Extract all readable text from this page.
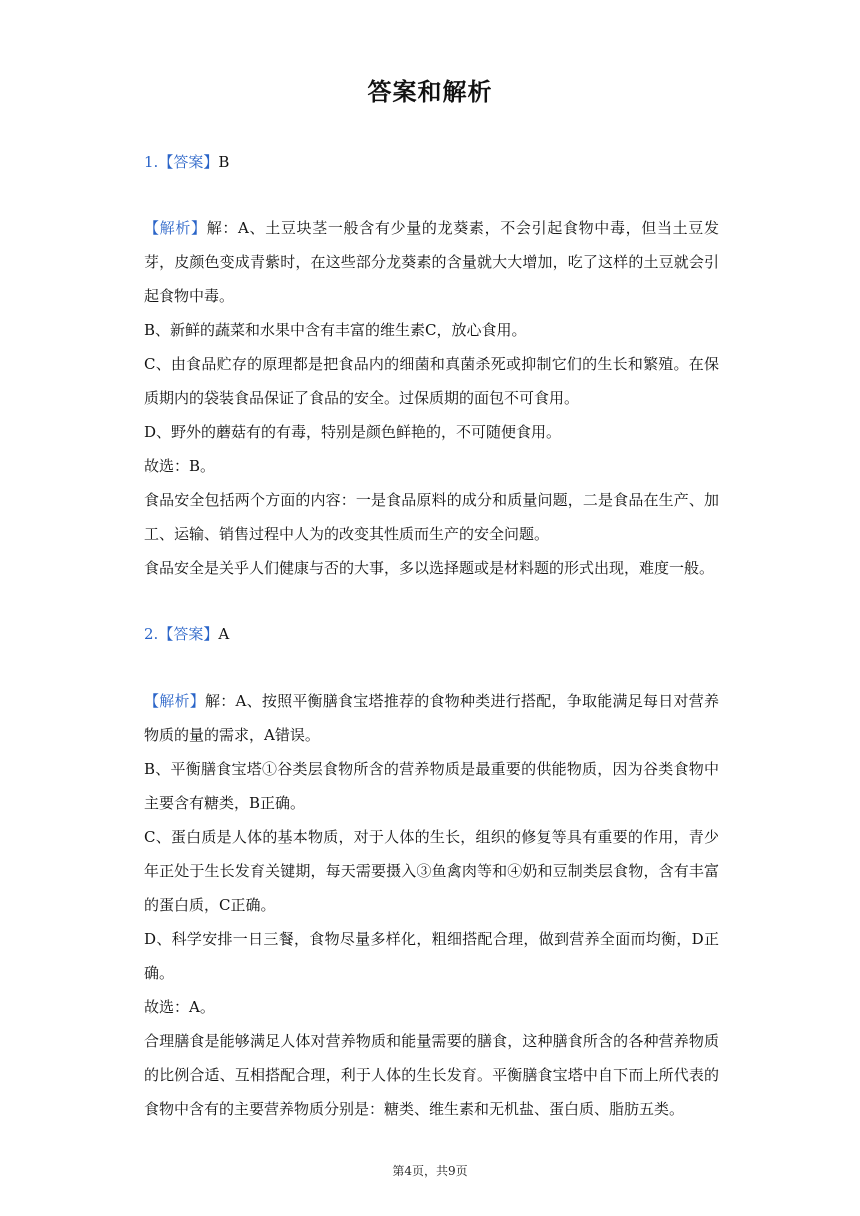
答案和解析
1.【答案】B

【解析】解：A、土豆块茎一般含有少量的龙葵素，不会引起食物中毒，但当土豆发芽，皮颜色变成青紫时，在这些部分龙葵素的含量就大大增加，吃了这样的土豆就会引起食物中毒。

B、新鲜的蔬菜和水果中含有丰富的维生素C，放心食用。

C、由食品贮存的原理都是把食品内的细菌和真菌杀死或抑制它们的生长和繁殖。在保质期内的袋装食品保证了食品的安全。过保质期的面包不可食用。

D、野外的蘑菇有的有毒，特别是颜色鲜艳的，不可随便食用。

故选：B。

食品安全包括两个方面的内容：一是食品原料的成分和质量问题，二是食品在生产、加工、运输、销售过程中人为的改变其性质而生产的安全问题。

食品安全是关乎人们健康与否的大事，多以选择题或是材料题的形式出现，难度一般。

2.【答案】A

【解析】解：A、按照平衡膳食宝塔推荐的食物种类进行搭配，争取能满足每日对营养物质的量的需求，A错误。

B、平衡膳食宝塔①谷类层食物所含的营养物质是最重要的供能物质，因为谷类食物中主要含有糖类，B正确。

C、蛋白质是人体的基本物质，对于人体的生长，组织的修复等具有重要的作用，青少年正处于生长发育关键期，每天需要摄入③鱼禽肉等和④奶和豆制类层食物，含有丰富的蛋白质，C正确。

D、科学安排一日三餐，食物尽量多样化，粗细搭配合理，做到营养全面而均衡，D正确。

故选：A。

合理膳食是能够满足人体对营养物质和能量需要的膳食，这种膳食所含的各种营养物质的比例合适、互相搭配合理，利于人体的生长发育。平衡膳食宝塔中自下而上所代表的食物中含有的主要营养物质分别是：糖类、维生素和无机盐、蛋白质、脂肪五类。

第4页，共9页
